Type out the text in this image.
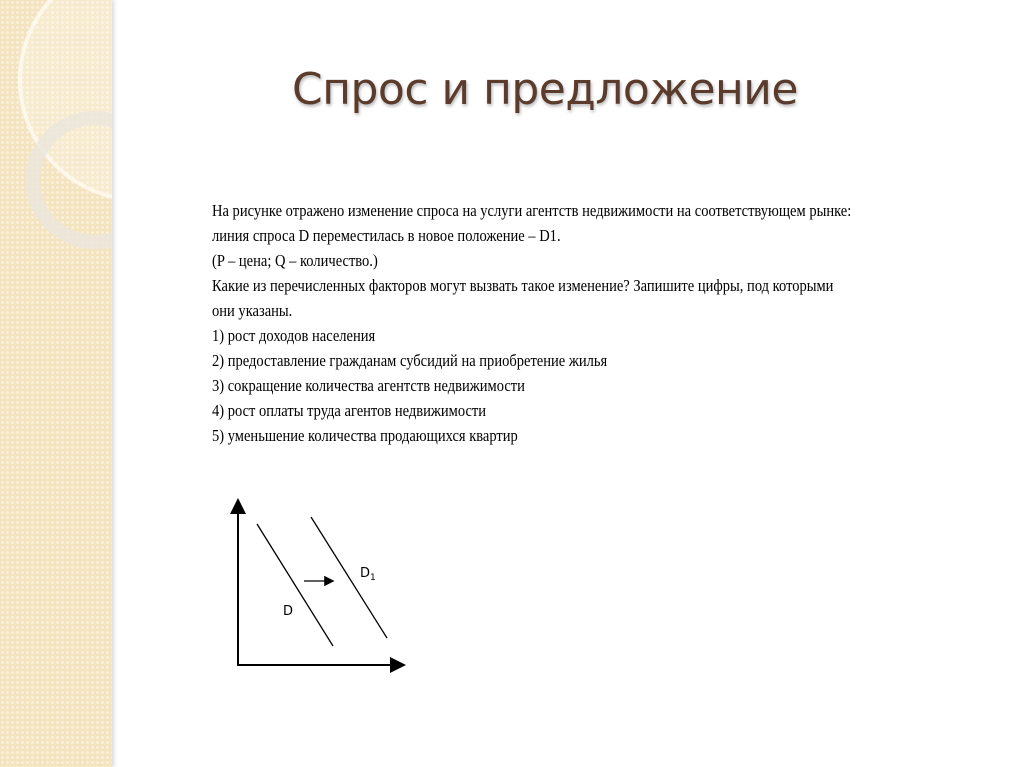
Спрос и предложение
На рисунке отражено изменение спроса на услуги агентств недвижимости на соответствующем рынке:
линия спроса D переместилась в новое положение – D1.
(P – цена; Q – количество.)
Какие из перечисленных факторов могут вызвать такое изменение? Запишите цифры, под которыми
они указаны.
1) рост доходов населения
2) предоставление гражданам субсидий на приобретение жилья
3) сокращение количества агентств недвижимости
4) рост оплаты труда агентов недвижимости
5) уменьшение количества продающихся квартир
D
$D_1$
